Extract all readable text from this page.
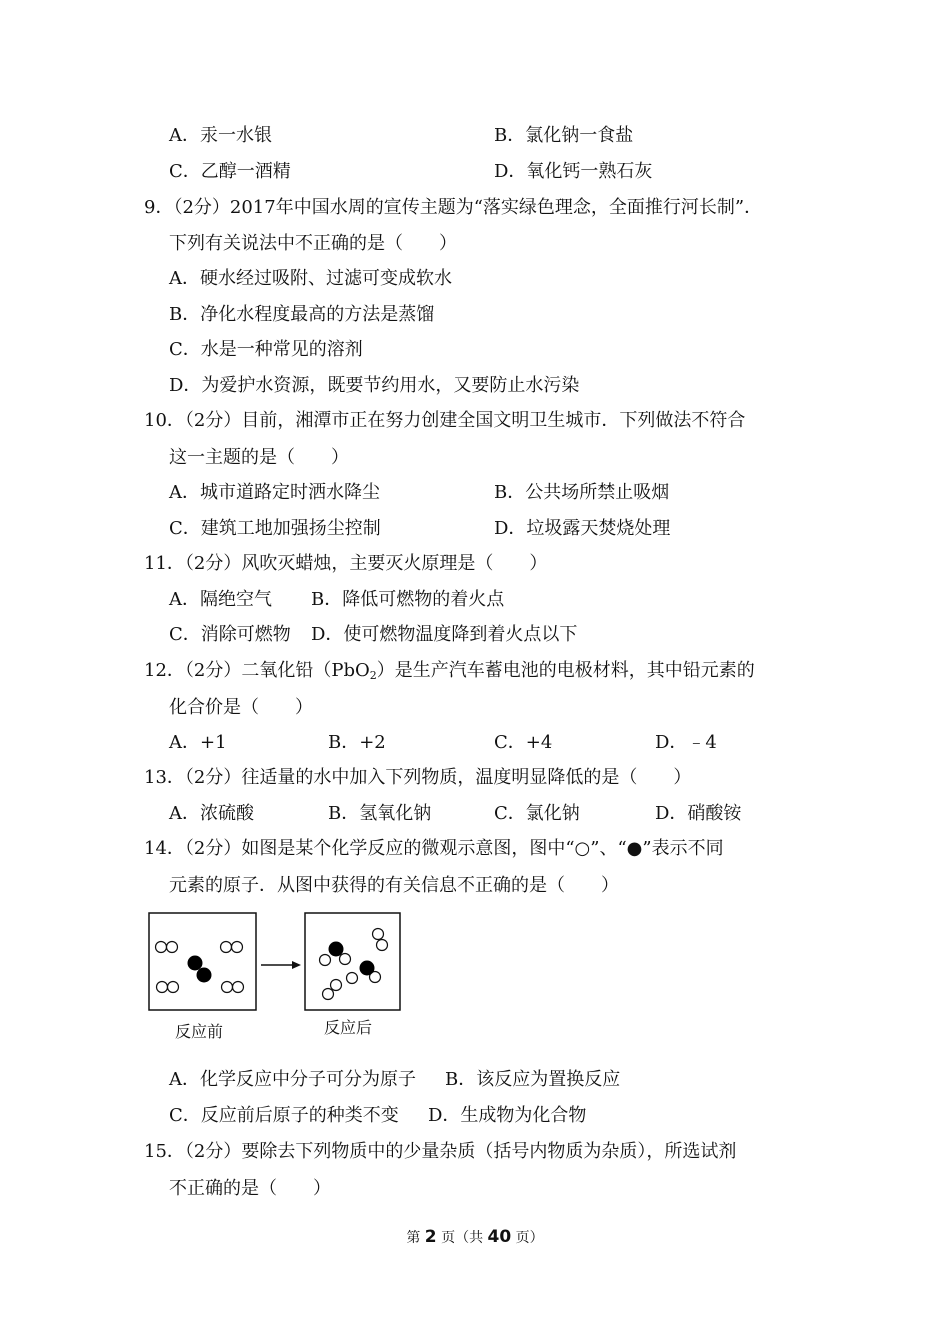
A．汞一水银	B．氯化钠一食盐
C．乙醇一酒精	D．氧化钙一熟石灰
9．（2分）2017年中国水周的宣传主题为“落实绿色理念，全面推行河长制”．
下列有关说法中不正确的是（　　）
A．硬水经过吸附、过滤可变成软水
B．净化水程度最高的方法是蒸馏
C．水是一种常见的溶剂
D．为爱护水资源，既要节约用水，又要防止水污染
10．（2分）目前，湘潭市正在努力创建全国文明卫生城市．下列做法不符合
这一主题的是（　　）
A．城市道路定时洒水降尘	B．公共场所禁止吸烟
C．建筑工地加强扬尘控制	D．垃圾露天焚烧处理
11．（2分）风吹灭蜡烛，主要灭火原理是（　　）
A．隔绝空气 B．降低可燃物的着火点
C．消除可燃物 D．使可燃物温度降到着火点以下
12．（2分）二氧化铅（PbO$_2$）是生产汽车蓄电池的电极材料，其中铅元素的
化合价是（　　）
A．+1	B．+2	C．+4	D．﹣4
13．（2分）往适量的水中加入下列物质，温度明显降低的是（　　）
A．浓硫酸	B．氢氧化钠	C．氯化钠	D．硝酸铵
14．（2分）如图是某个化学反应的微观示意图，图中“○”、“●”表示不同
元素的原子．从图中获得的有关信息不正确的是（　　）
反应前	反应后
A．化学反应中分子可分为原子 B．该反应为置换反应
C．反应前后原子的种类不变 D．生成物为化合物
15．（2分）要除去下列物质中的少量杂质（括号内物质为杂质），所选试剂
不正确的是（　　）
第 2 页（共 40 页）
